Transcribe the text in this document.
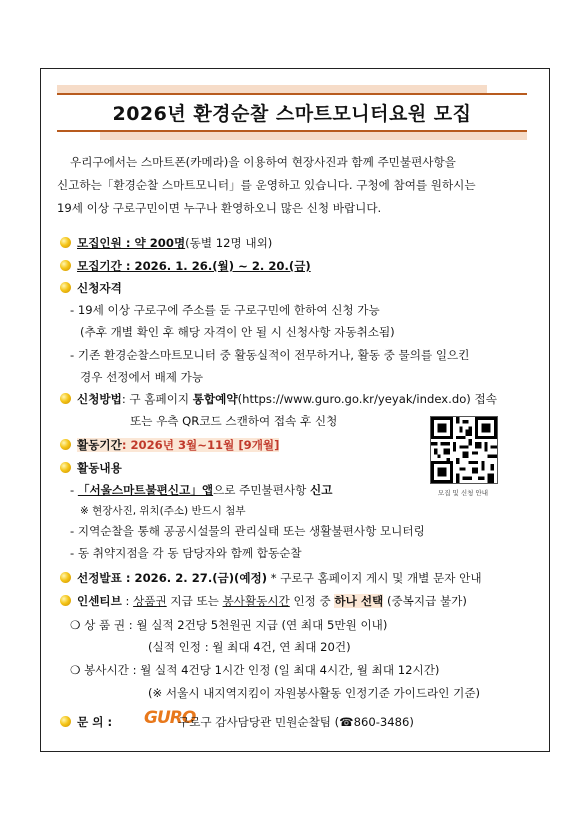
2026년 환경순찰 스마트모니터요원 모집
우리구에서는 스마트폰(카메라)을 이용하여 현장사진과 함께 주민불편사항을
신고하는「환경순찰 스마트모니터」를 운영하고 있습니다. 구청에 참여를 원하시는
19세 이상 구로구민이면 누구나 환영하오니 많은 신청 바랍니다.
모집인원 : 약 200명(동별 12명 내외)
모집기간 : 2026. 1. 26.(월) ~ 2. 20.(금)
신청자격
- 19세 이상 구로구에 주소를 둔 구로구민에 한하여 신청 가능
(추후 개별 확인 후 해당 자격이 안 될 시 신청사항 자동취소됨)
- 기존 환경순찰스마트모니터 중 활동실적이 전무하거나, 활동 중 물의를 일으킨
경우 선정에서 배제 가능
신청방법: 구 홈페이지 통합예약(https://www.guro.go.kr/yeyak/index.do) 접속
또는 우측 QR코드 스캔하여 접속 후 신청
활동기간: 2026년 3월~11월 [9개월]
활동내용
- 「서울스마트불편신고」앱으로 주민불편사항 신고
※ 현장사진, 위치(주소) 반드시 첨부
- 지역순찰을 통해 공공시설물의 관리실태 또는 생활불편사항 모니터링
- 동 취약지점을 각 동 담당자와 함께 합동순찰
선정발표 : 2026. 2. 27.(금)(예정) * 구로구 홈페이지 게시 및 개별 문자 안내
인센티브 : 상품권 지급 또는 봉사활동시간 인정 중 하나 선택 (중복지급 불가)
❍ 상 품 권 : 월 실적 2건당 5천원권 지급 (연 최대 5만원 이내)
(실적 인정 : 월 최대 4건, 연 최대 20건)
❍ 봉사시간 : 월 실적 4건당 1시간 인정 (일 최대 4시간, 월 최대 12시간)
(※ 서울시 내지역지킴이 자원봉사활동 인정기준 가이드라인 기준)
문 의 : GURO
구로구 감사담당관 민원순찰팀 (☎860-3486)
모집 및 신청 안내
